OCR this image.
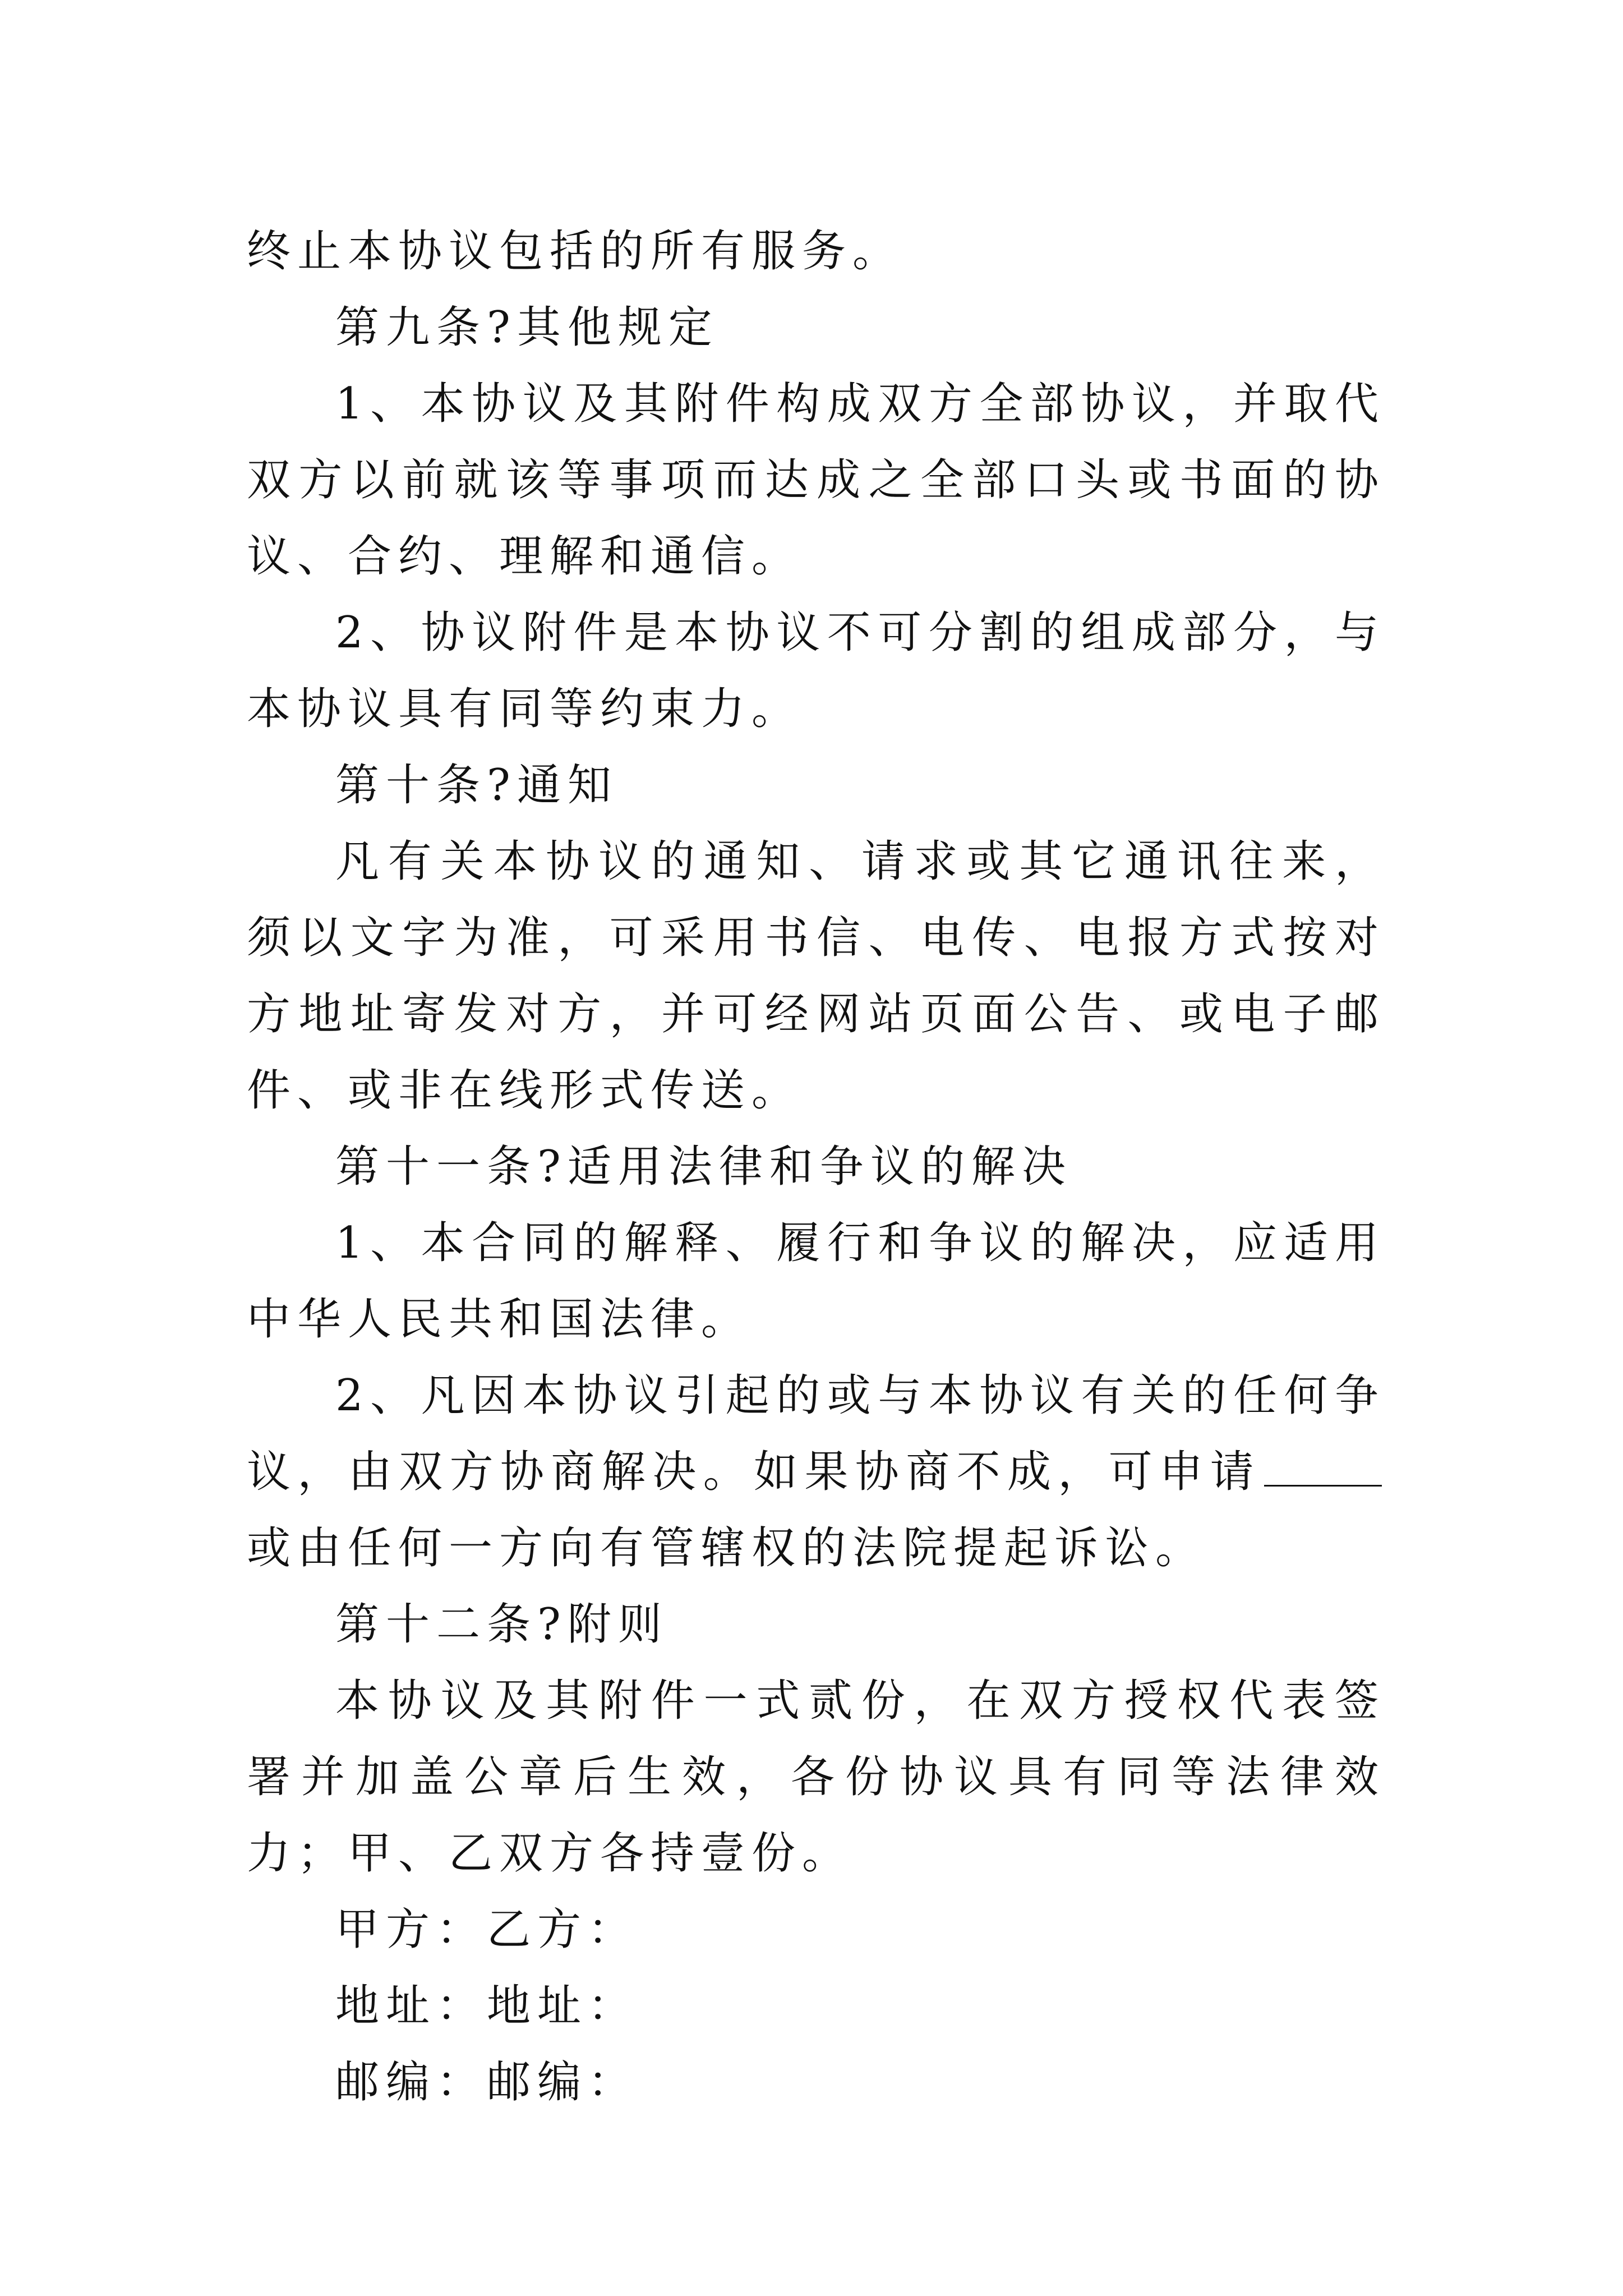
终止本协议包括的所有服务。

第九条?其他规定

1、本协议及其附件构成双方全部协议，并取代双方以前就该等事项而达成之全部口头或书面的协议、合约、理解和通信。

2、协议附件是本协议不可分割的组成部分，与本协议具有同等约束力。

第十条?通知

凡有关本协议的通知、请求或其它通讯往来，须以文字为准，可采用书信、电传、电报方式按对方地址寄发对方，并可经网站页面公告、或电子邮件、或非在线形式传送。

第十一条?适用法律和争议的解决

1、本合同的解释、履行和争议的解决，应适用中华人民共和国法律。

2、凡因本协议引起的或与本协议有关的任何争议，由双方协商解决。如果协商不成，可申请或由任何一方向有管辖权的法院提起诉讼。

第十二条?附则

本协议及其附件一式贰份，在双方授权代表签署并加盖公章后生效，各份协议具有同等法律效力；甲、乙双方各持壹份。

甲方：乙方：

地址：地址：

邮编：邮编：
